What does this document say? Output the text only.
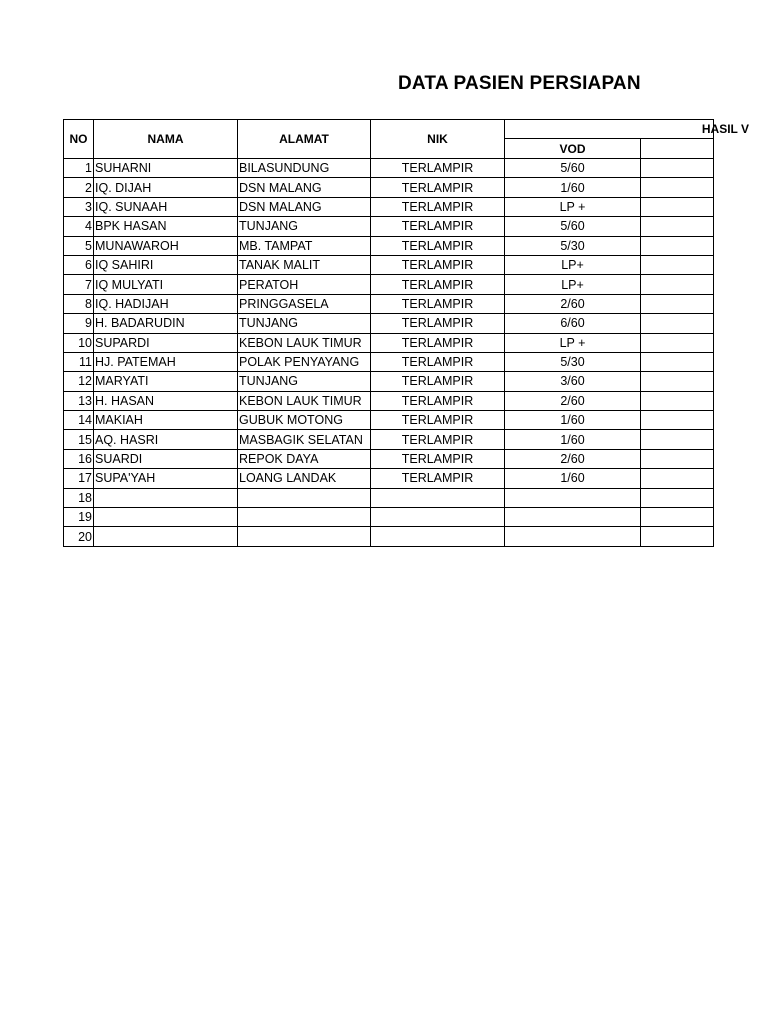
DATA PASIEN PERSIAPAN
NO	NAMA	ALAMAT	NIK	HASIL V	
				VOD	
1	SUHARNI	BILASUNDUNG	TERLAMPIR	5/60	
2	IQ. DIJAH	DSN MALANG	TERLAMPIR	1/60	
3	IQ. SUNAAH	DSN MALANG	TERLAMPIR	LP +	
4	BPK HASAN	TUNJANG	TERLAMPIR	5/60	
5	MUNAWAROH	MB. TAMPAT	TERLAMPIR	5/30	
6	IQ SAHIRI	TANAK MALIT	TERLAMPIR	LP+	
7	IQ MULYATI	PERATOH	TERLAMPIR	LP+	
8	IQ. HADIJAH	PRINGGASELA	TERLAMPIR	2/60	
9	H. BADARUDIN	TUNJANG	TERLAMPIR	6/60	
10	SUPARDI	KEBON LAUK TIMUR	TERLAMPIR	LP +	
11	HJ. PATEMAH	POLAK PENYAYANG	TERLAMPIR	5/30	
12	MARYATI	TUNJANG	TERLAMPIR	3/60	
13	H. HASAN	KEBON LAUK TIMUR	TERLAMPIR	2/60	
14	MAKIAH	GUBUK MOTONG	TERLAMPIR	1/60	
15	AQ. HASRI	MASBAGIK SELATAN	TERLAMPIR	1/60	
16	SUARDI	REPOK DAYA	TERLAMPIR	2/60	
17	SUPA'YAH	LOANG LANDAK	TERLAMPIR	1/60	
18					
19					
20					
